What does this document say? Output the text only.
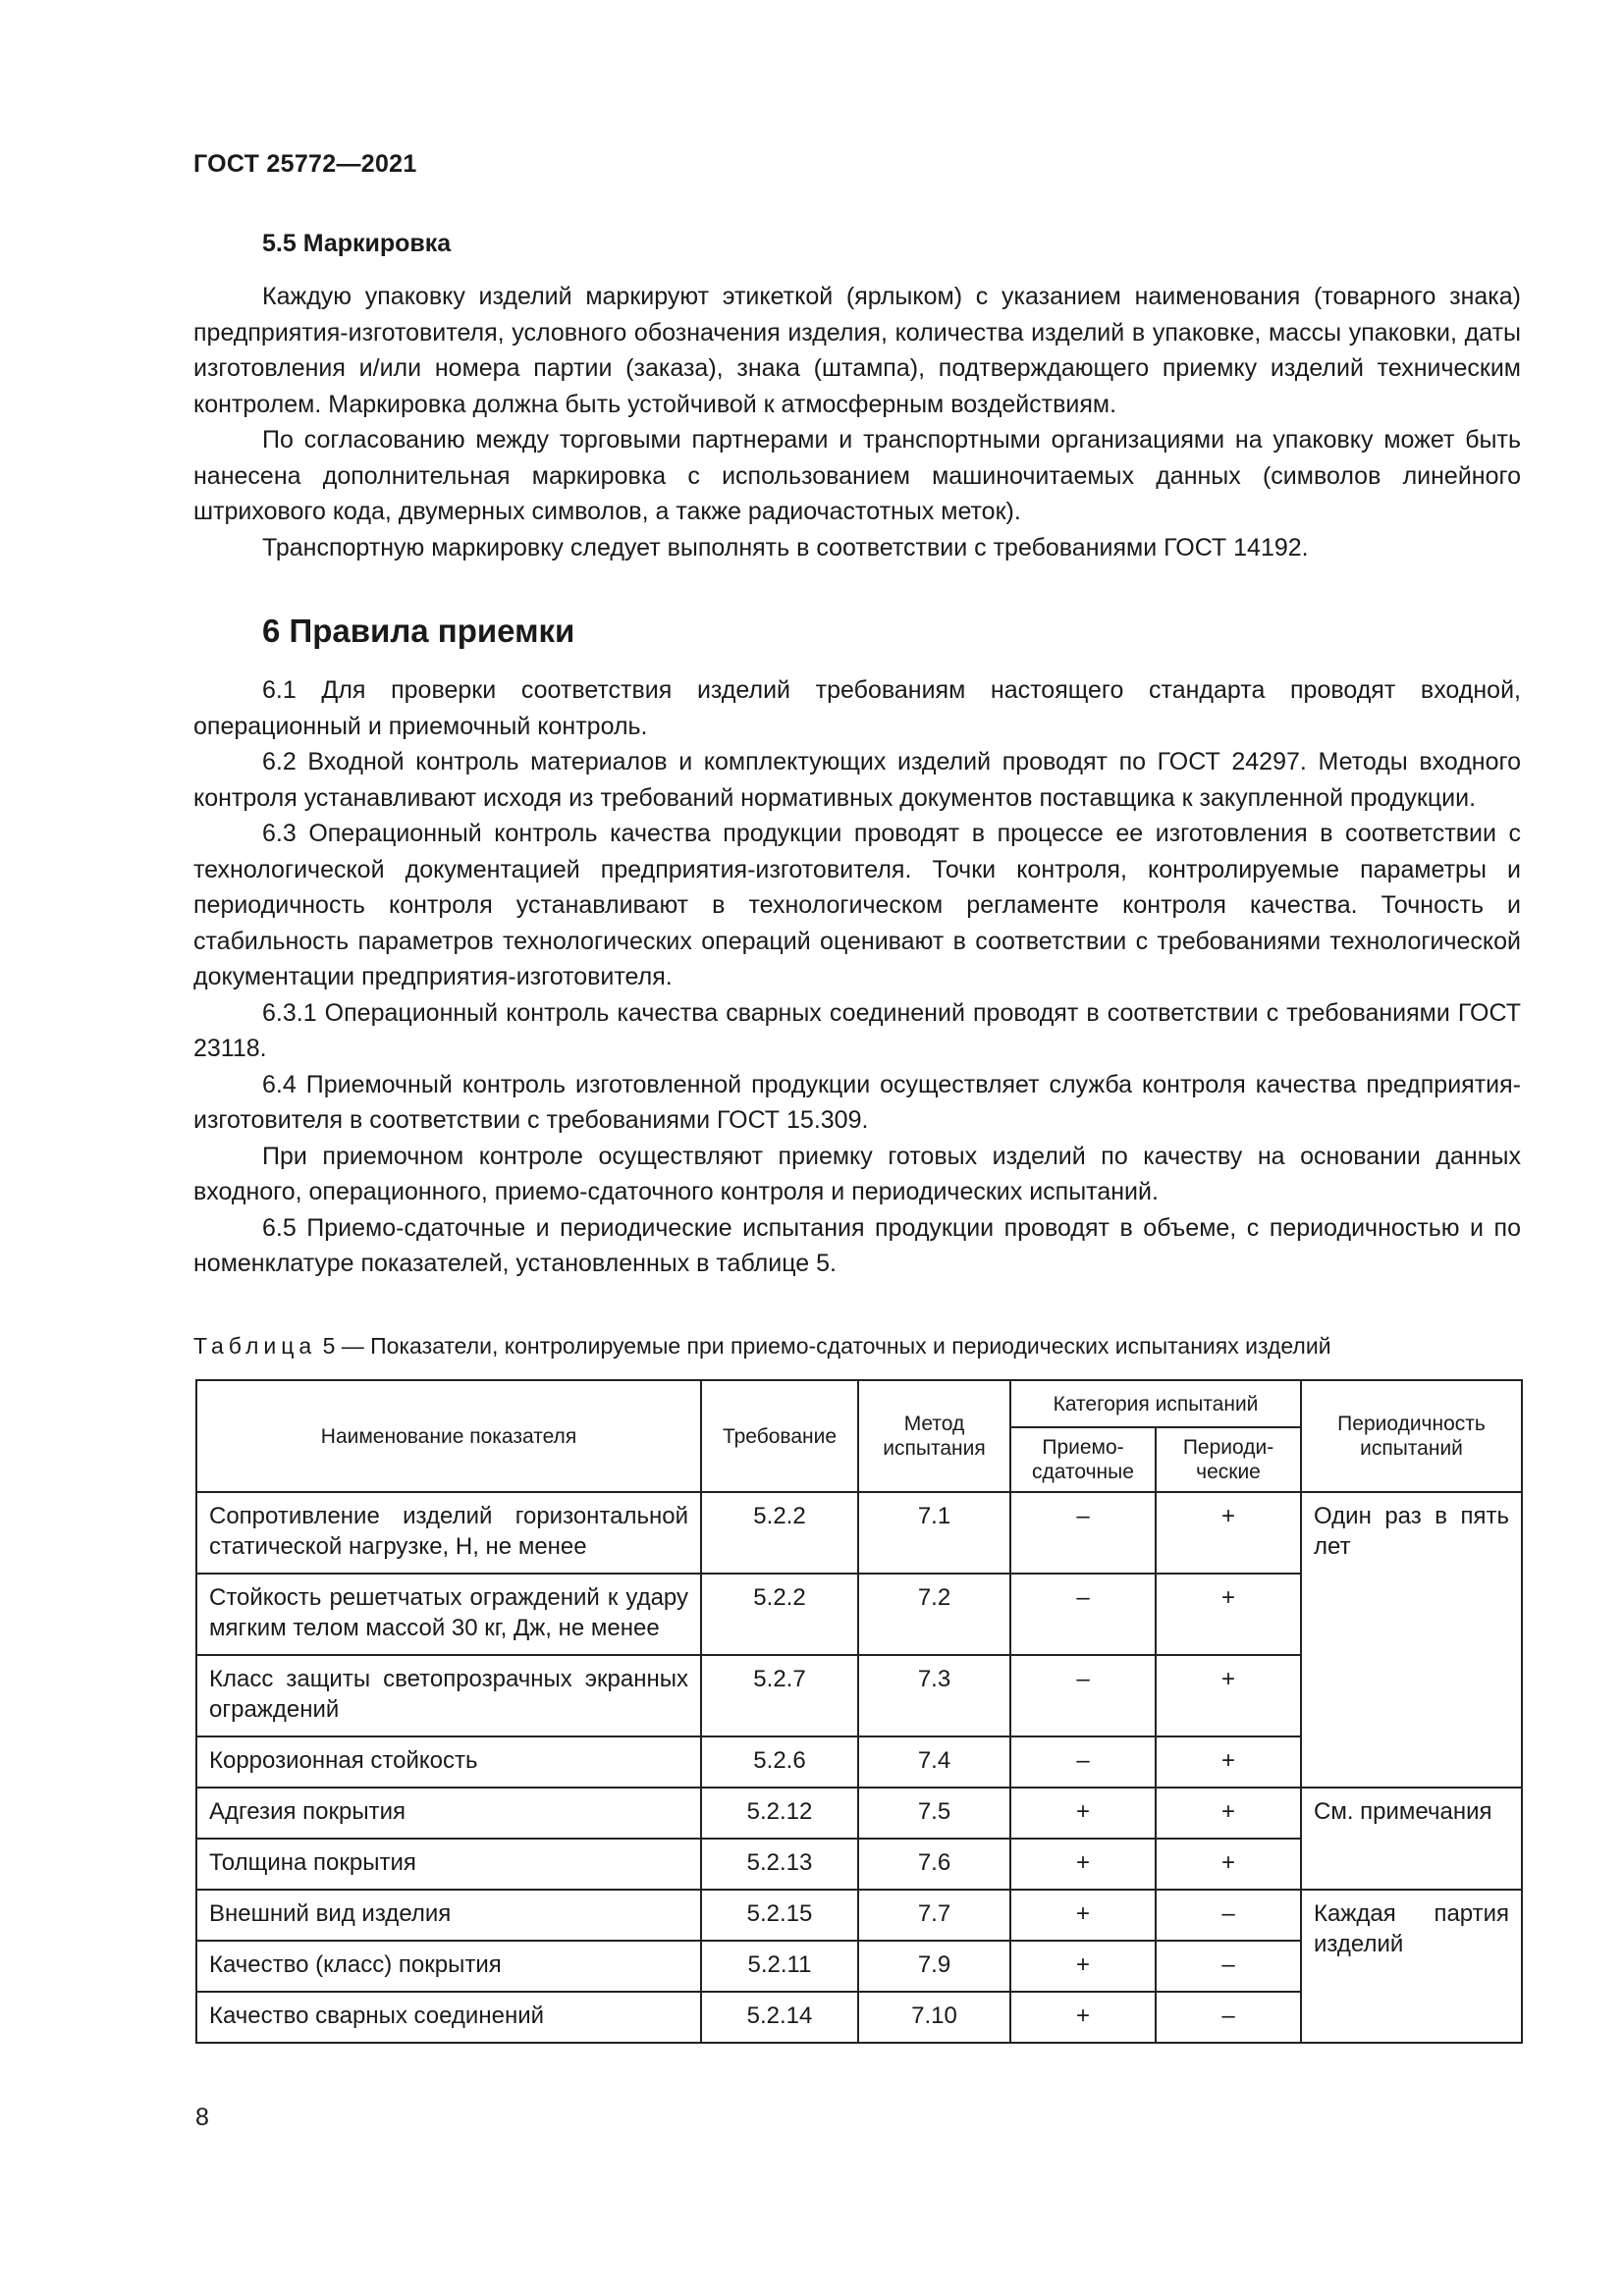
ГОСТ 25772—2021
5.5 Маркировка

Каждую упаковку изделий маркируют этикеткой (ярлыком) с указанием наименования (товарного знака) предприятия-изготовителя, условного обозначения изделия, количества изделий в упаковке, массы упаковки, даты изготовления и/или номера партии (заказа), знака (штампа), подтверждающего приемку изделий техническим контролем. Маркировка должна быть устойчивой к атмосферным воздействиям.

По согласованию между торговыми партнерами и транспортными организациями на упаковку может быть нанесена дополнительная маркировка с использованием машиночитаемых данных (символов линейного штрихового кода, двумерных символов, а также радиочастотных меток).

Транспортную маркировку следует выполнять в соответствии с требованиями ГОСТ 14192.

6 Правила приемки

6.1 Для проверки соответствия изделий требованиям настоящего стандарта проводят входной, операционный и приемочный контроль.

6.2 Входной контроль материалов и комплектующих изделий проводят по ГОСТ 24297. Методы входного контроля устанавливают исходя из требований нормативных документов поставщика к закупленной продукции.

6.3 Операционный контроль качества продукции проводят в процессе ее изготовления в соответствии с технологической документацией предприятия-изготовителя. Точки контроля, контролируемые параметры и периодичность контроля устанавливают в технологическом регламенте контроля качества. Точность и стабильность параметров технологических операций оценивают в соответствии с требованиями технологической документации предприятия-изготовителя.

6.3.1 Операционный контроль качества сварных соединений проводят в соответствии с требованиями ГОСТ 23118.

6.4 Приемочный контроль изготовленной продукции осуществляет служба контроля качества предприятия-изготовителя в соответствии с требованиями ГОСТ 15.309.

При приемочном контроле осуществляют приемку готовых изделий по качеству на основании данных входного, операционного, приемо-сдаточного контроля и периодических испытаний.

6.5 Приемо-сдаточные и периодические испытания продукции проводят в объеме, с периодичностью и по номенклатуре показателей, установленных в таблице 5.

Таблица 5 — Показатели, контролируемые при приемо-сдаточных и периодических испытаниях изделий
Наименование показателя	Требование	Метод испытания	Категория испытаний		Периодичность испытаний
			Приемо-сдаточные	Периоди-ческие	
Сопротивление изделий горизонтальной статической нагрузке, Н, не менее	5.2.2	7.1	–	+	Один раз в пять лет
Стойкость решетчатых ограждений к удару мягким телом массой 30 кг, Дж, не менее	5.2.2	7.2	–	+	
Класс защиты светопрозрачных экранных ограждений	5.2.7	7.3	–	+	
Коррозионная стойкость	5.2.6	7.4	–	+	
Адгезия покрытия	5.2.12	7.5	+	+	См. примечания
Толщина покрытия	5.2.13	7.6	+	+	
Внешний вид изделия	5.2.15	7.7	+	–	Каждая партия изделий
Качество (класс) покрытия	5.2.11	7.9	+	–	
Качество сварных соединений	5.2.14	7.10	+	–	
8
